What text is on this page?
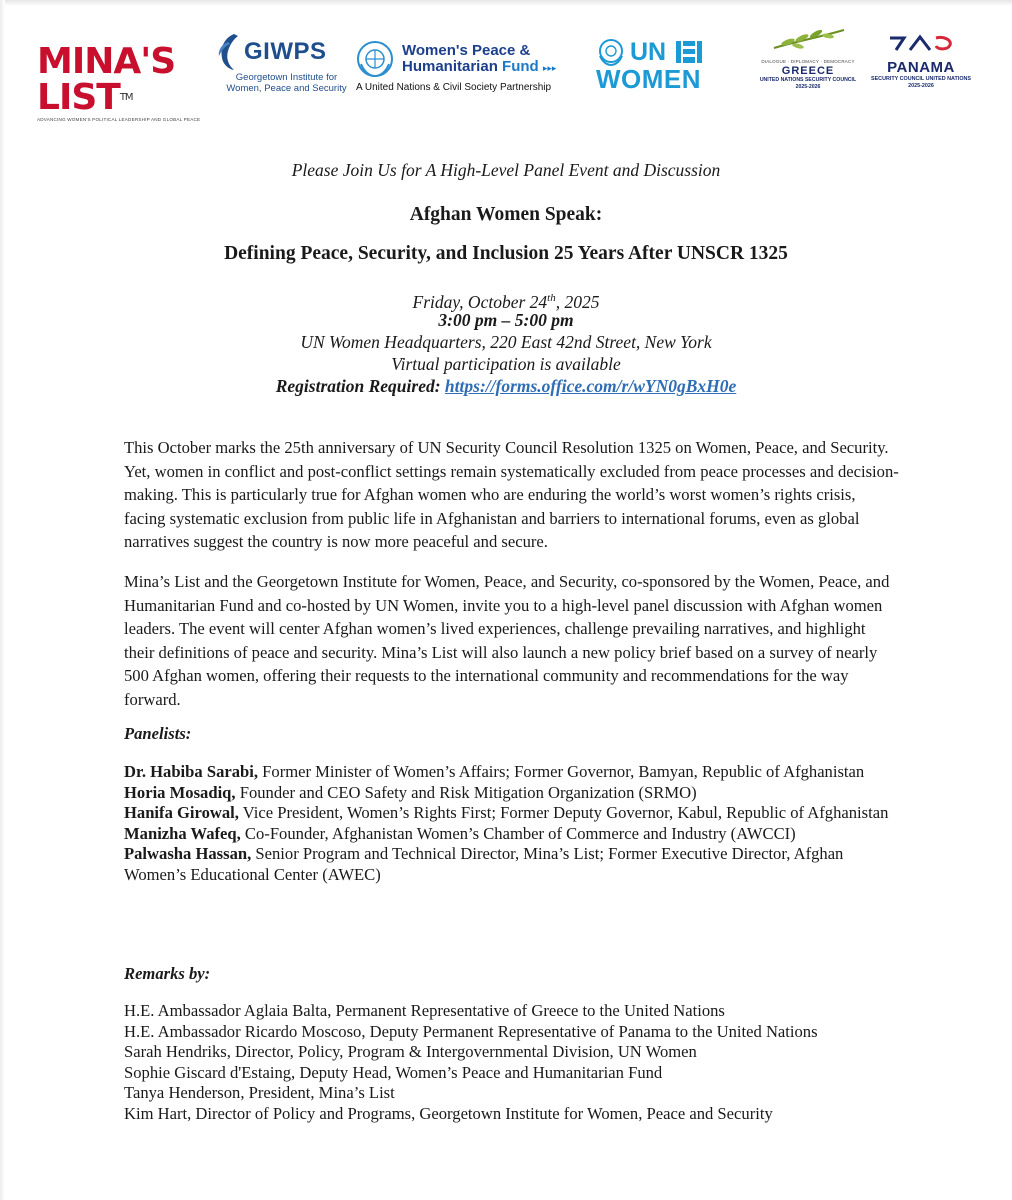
MINA'S LIST™
ADVANCING WOMEN'S POLITICAL LEADERSHIP AND GLOBAL PEACE
GIWPS
Georgetown Institute for Women, Peace and Security
Women's Peace &
Humanitarian Fund ▸▸▸
A United Nations & Civil Society Partnership
UN
WOMEN
DIALOGUE · DIPLOMACY · DEMOCRACY
GREECE
UNITED NATIONS SECURITY COUNCIL 2025-2026
PANAMA
SECURITY COUNCIL UNITED NATIONS 2025-2026
Please Join Us for A High-Level Panel Event and Discussion
Afghan Women Speak:
Defining Peace, Security, and Inclusion 25 Years After UNSCR 1325
Friday, October 24th, 2025
3:00 pm – 5:00 pm
UN Women Headquarters, 220 East 42nd Street, New York
Virtual participation is available
Registration Required: https://forms.office.com/r/wYN0gBxH0e

This October marks the 25th anniversary of UN Security Council Resolution 1325 on Women, Peace, and Security. Yet, women in conflict and post-conflict settings remain systematically excluded from peace processes and decision-making. This is particularly true for Afghan women who are enduring the world’s worst women’s rights crisis, facing systematic exclusion from public life in Afghanistan and barriers to international forums, even as global narratives suggest the country is now more peaceful and secure.

Mina’s List and the Georgetown Institute for Women, Peace, and Security, co-sponsored by the Women, Peace, and Humanitarian Fund and co-hosted by UN Women, invite you to a high-level panel discussion with Afghan women leaders. The event will center Afghan women’s lived experiences, challenge prevailing narratives, and highlight their definitions of peace and security. Mina’s List will also launch a new policy brief based on a survey of nearly 500 Afghan women, offering their requests to the international community and recommendations for the way forward.

Panelists:
Dr. Habiba Sarabi, Former Minister of Women’s Affairs; Former Governor, Bamyan, Republic of Afghanistan
Horia Mosadiq, Founder and CEO Safety and Risk Mitigation Organization (SRMO)
Hanifa Girowal, Vice President, Women’s Rights First; Former Deputy Governor, Kabul, Republic of Afghanistan
Manizha Wafeq, Co-Founder, Afghanistan Women’s Chamber of Commerce and Industry (AWCCI)
Palwasha Hassan, Senior Program and Technical Director, Mina’s List; Former Executive Director, Afghan Women’s Educational Center (AWEC)
Remarks by:
H.E. Ambassador Aglaia Balta, Permanent Representative of Greece to the United Nations
H.E. Ambassador Ricardo Moscoso, Deputy Permanent Representative of Panama to the United Nations
Sarah Hendriks, Director, Policy, Program & Intergovernmental Division, UN Women
Sophie Giscard d'Estaing, Deputy Head, Women’s Peace and Humanitarian Fund
Tanya Henderson, President, Mina’s List
Kim Hart, Director of Policy and Programs, Georgetown Institute for Women, Peace and Security
